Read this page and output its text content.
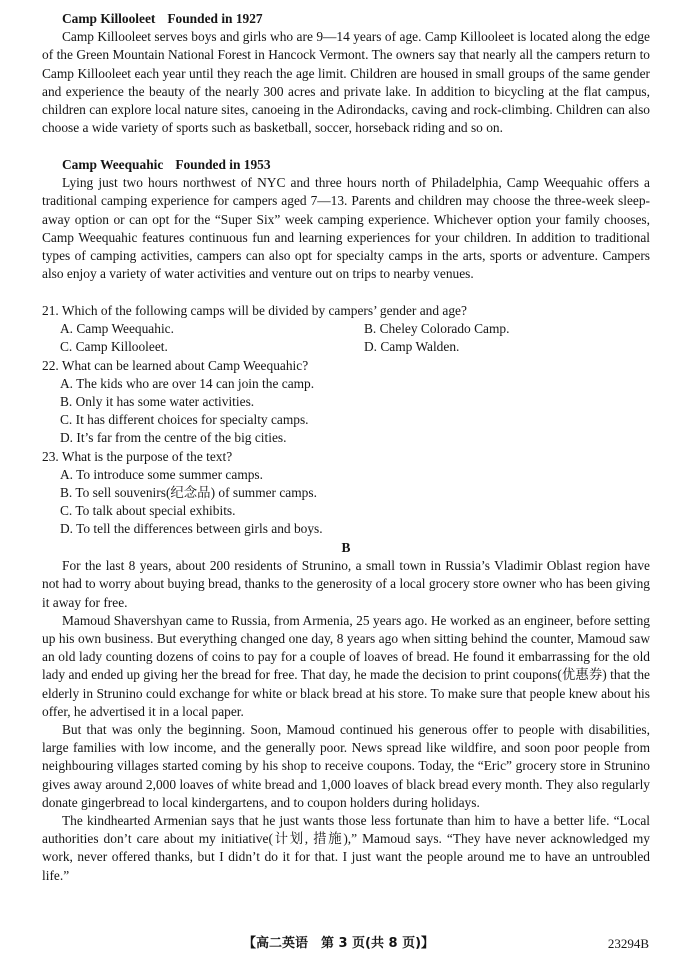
Camp Killooleet Founded in 1927

Camp Killooleet serves boys and girls who are 9—14 years of age. Camp Killooleet is located along the edge of the Green Mountain National Forest in Hancock Vermont. The owners say that nearly all the campers return to Camp Killooleet each year until they reach the age limit. Children are housed in small groups of the same gender and experience the beauty of the nearly 300 acres and private lake. In addition to bicycling at the flat campus, children can explore local nature sites, canoeing in the Adirondacks, caving and rock-climbing. Children can also choose a wide variety of sports such as basketball, soccer, horseback riding and so on.

Camp Weequahic Founded in 1953

Lying just two hours northwest of NYC and three hours north of Philadelphia, Camp Weequahic offers a traditional camping experience for campers aged 7—13. Parents and children may choose the three-week sleep-away option or can opt for the “Super Six” week camping experience. Whichever option your family chooses, Camp Weequahic features continuous fun and learning experiences for your children. In addition to traditional types of camping activities, campers can also opt for specialty camps in the arts, sports or adventure. Campers also enjoy a variety of water activities and venture out on trips to nearby venues.

21. Which of the following camps will be divided by campers’ gender and age?

A. Camp Weequahic.	B. Cheley Colorado Camp.

C. Camp Killooleet.	D. Camp Walden.

22. What can be learned about Camp Weequahic?

A. The kids who are over 14 can join the camp.

B. Only it has some water activities.

C. It has different choices for specialty camps.

D. It’s far from the centre of the big cities.

23. What is the purpose of the text?

A. To introduce some summer camps.

B. To sell souvenirs(纪念品) of summer camps.

C. To talk about special exhibits.

D. To tell the differences between girls and boys.

B

For the last 8 years, about 200 residents of Strunino, a small town in Russia’s Vladimir Oblast region have not had to worry about buying bread, thanks to the generosity of a local grocery store owner who has been giving it away for free.

Mamoud Shavershyan came to Russia, from Armenia, 25 years ago. He worked as an engineer, before setting up his own business. But everything changed one day, 8 years ago when sitting behind the counter, Mamoud saw an old lady counting dozens of coins to pay for a couple of loaves of bread. He found it embarrassing for the old lady and ended up giving her the bread for free. That day, he made the decision to print coupons(优惠券) that the elderly in Strunino could exchange for white or black bread at his store. To make sure that people knew about his offer, he advertised it in a local paper.

But that was only the beginning. Soon, Mamoud continued his generous offer to people with disabilities, large families with low income, and the generally poor. News spread like wildfire, and soon poor people from neighbouring villages started coming by his shop to receive coupons. Today, the “Eric” grocery store in Strunino gives away around 2,000 loaves of white bread and 1,000 loaves of black bread every month. They also regularly donate gingerbread to local kindergartens, and to coupon holders during holidays.

The kindhearted Armenian says that he just wants those less fortunate than him to have a better life. “Local authorities don’t care about my initiative(计划, 措施),” Mamoud says. “They have never acknowledged my work, never offered thanks, but I didn’t do it for that. I just want the people around me to have an untroubled life.”

【高二英语　第 3 页(共 8 页)】	23294B
